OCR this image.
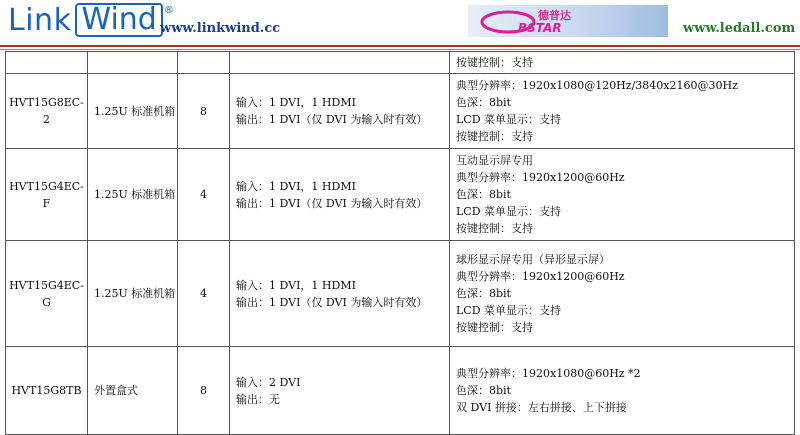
Link Wind ®
www.linkwind.cc
德普达
BSTAR	www.ledall.com

				按键控制：支持

HVT15G8EC-2	1.25U 标准机箱	8	输入：1 DVI，1 HDMI
输出：1 DVI（仅 DVI 为输入时有效）	典型分辨率：1920x1080@120Hz/3840x2160@30Hz
色深：8bit
LCD 菜单显示：支持
按键控制：支持

HVT15G4EC-F	1.25U 标准机箱	4	输入：1 DVI，1 HDMI
输出：1 DVI（仅 DVI 为输入时有效）	互动显示屏专用
典型分辨率：1920x1200@60Hz
色深：8bit
LCD 菜单显示：支持
按键控制：支持

HVT15G4EC-G	1.25U 标准机箱	4	输入：1 DVI，1 HDMI
输出：1 DVI（仅 DVI 为输入时有效）	球形显示屏专用（异形显示屏）
典型分辨率：1920x1200@60Hz
色深：8bit
LCD 菜单显示：支持
按键控制：支持

HVT15G8TB	外置盒式	8	输入：2 DVI
输出：无	典型分辨率：1920x1080@60Hz *2
色深：8bit
双 DVI 拼接：左右拼接、上下拼接
